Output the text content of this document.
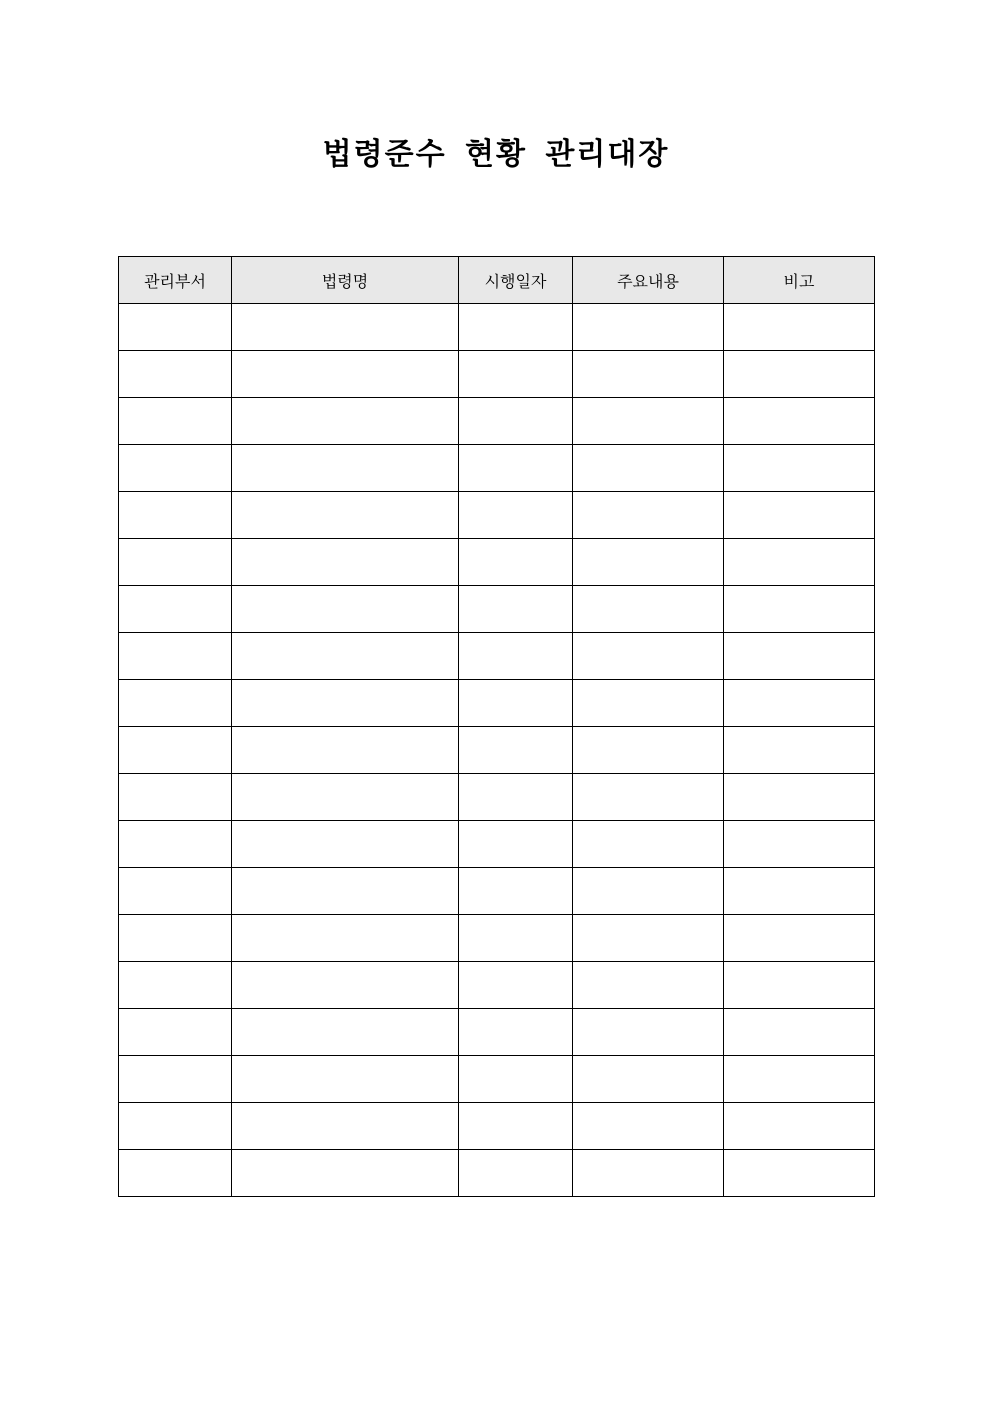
법령준수 현황 관리대장
관리부서	법령명	시행일자	주요내용	비고
